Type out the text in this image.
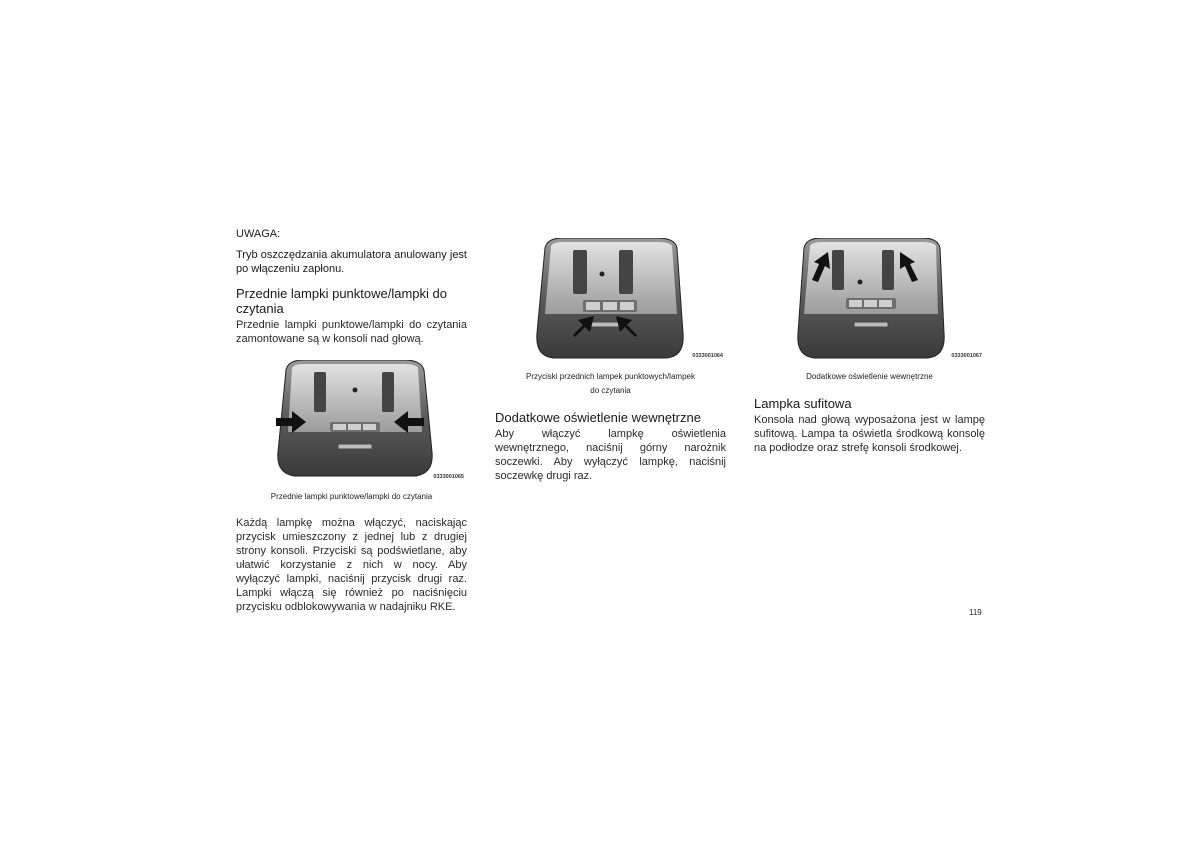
UWAGA:
Tryb oszczędzania akumulatora anulowany jest po włączeniu zapłonu.
Przednie lampki punktowe/lampki do czytania

Przednie lampki punktowe/lampki do czytania zamontowane są w konsoli nad głową.

0333001065
Przednie lampki punktowe/lampki do czytania

Każdą lampkę można włączyć, naciskając przycisk umieszczony z jednej lub z drugiej strony konsoli. Przyciski są podświetlane, aby ułatwić korzystanie z nich w nocy. Aby wyłączyć lampki, naciśnij przycisk drugi raz. Lampki włączą się również po naciśnięciu przycisku odblokowywania w nadajniku RKE.

0333001064
Przyciski przednich lampek punktowych/lampek
do czytania
Dodatkowe oświetlenie wewnętrzne

Aby włączyć lampkę oświetlenia wewnętrznego, naciśnij górny narożnik soczewki. Aby wyłączyć lampkę, naciśnij soczewkę drugi raz.

0333001067
Dodatkowe oświetlenie wewnętrzne
Lampka sufitowa

Konsola nad głową wyposażona jest w lampę sufitową. Lampa ta oświetla środkową konsolę na podłodze oraz strefę konsoli środkowej.

119
